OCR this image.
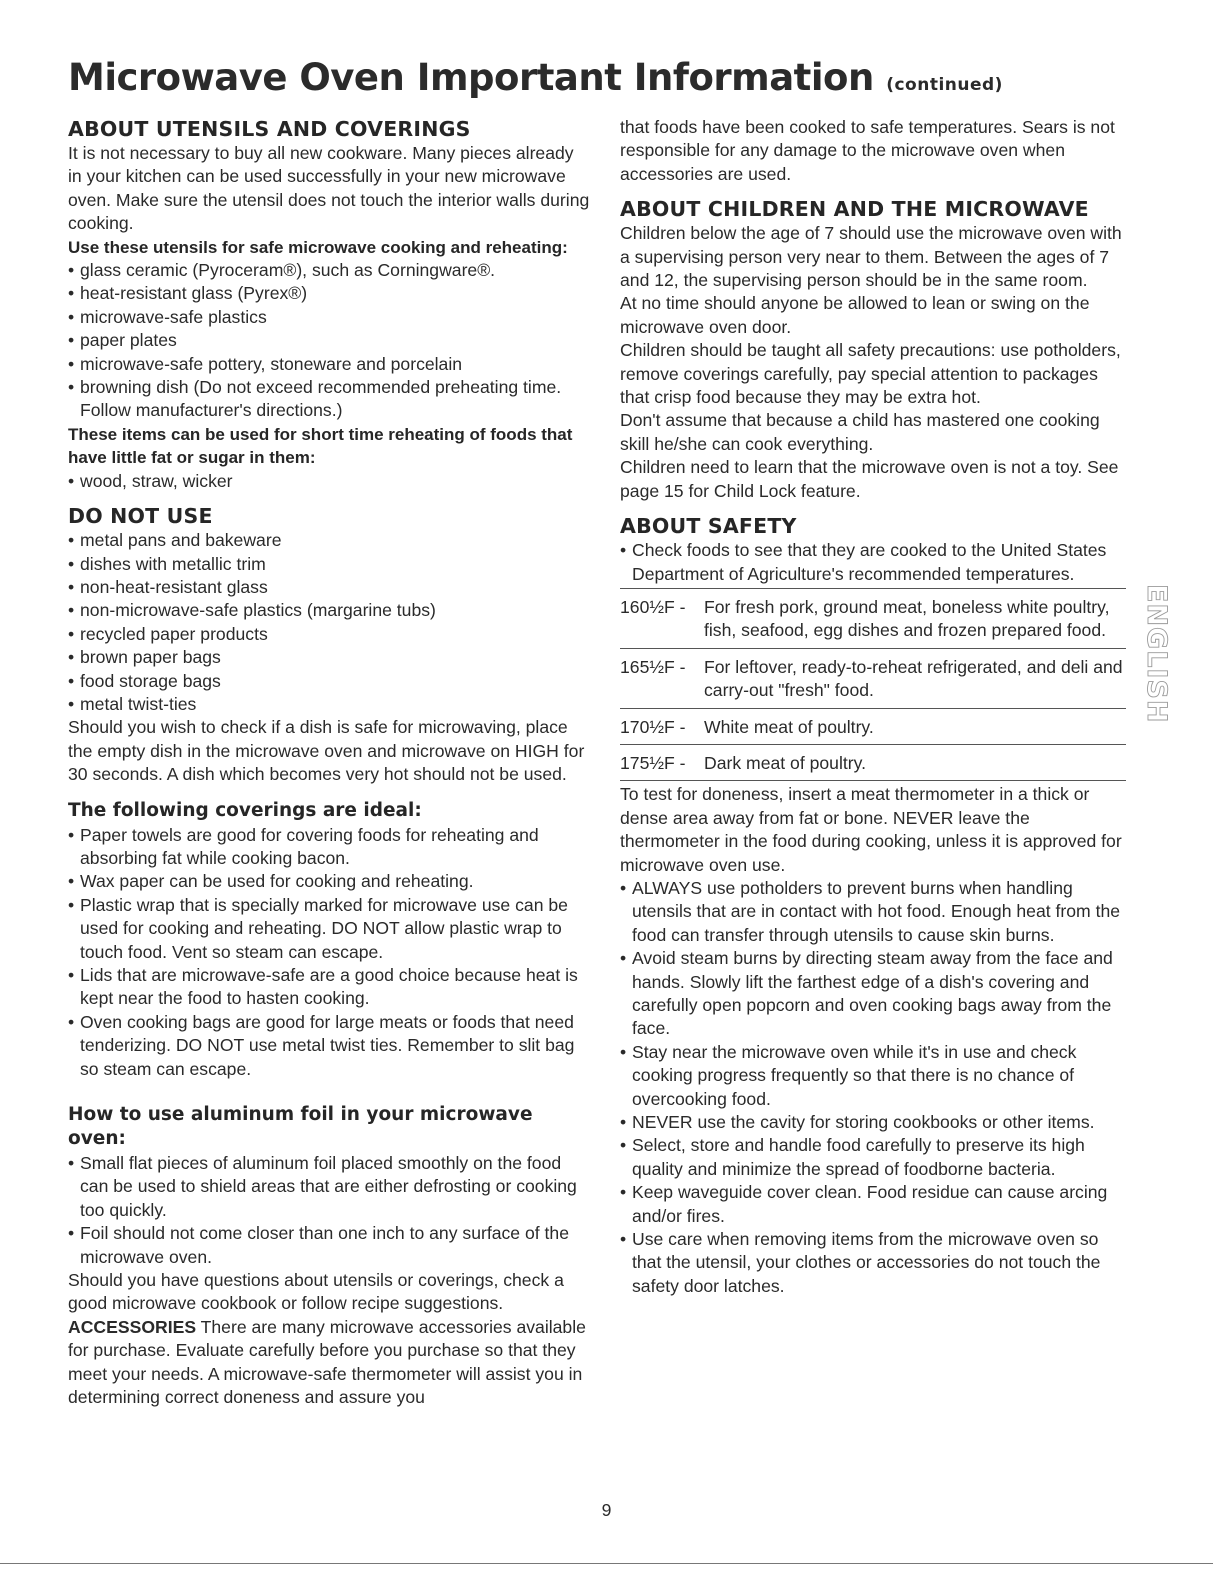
Microwave Oven Important Information (continued)
ABOUT UTENSILS AND COVERINGS

It is not necessary to buy all new cookware. Many pieces already in your kitchen can be used successfully in your new microwave oven. Make sure the utensil does not touch the interior walls during cooking.

Use these utensils for safe microwave cooking and reheating:

• glass ceramic (Pyroceram®), such as Corningware®.
• heat-resistant glass (Pyrex®)
• microwave-safe plastics
• paper plates
• microwave-safe pottery, stoneware and porcelain
• browning dish (Do not exceed recommended preheating time. Follow manufacturer's directions.)

These items can be used for short time reheating of foods that have little fat or sugar in them:

• wood, straw, wicker
DO NOT USE
• metal pans and bakeware
• dishes with metallic trim
• non-heat-resistant glass
• non-microwave-safe plastics (margarine tubs)
• recycled paper products
• brown paper bags
• food storage bags
• metal twist-ties

Should you wish to check if a dish is safe for microwaving, place the empty dish in the microwave oven and microwave on HIGH for 30 seconds. A dish which becomes very hot should not be used.

The following coverings are ideal:
• Paper towels are good for covering foods for reheating and absorbing fat while cooking bacon.
• Wax paper can be used for cooking and reheating.
• Plastic wrap that is specially marked for microwave use can be used for cooking and reheating. DO NOT allow plastic wrap to touch food. Vent so steam can escape.
• Lids that are microwave-safe are a good choice because heat is kept near the food to hasten cooking.
• Oven cooking bags are good for large meats or foods that need tenderizing. DO NOT use metal twist ties. Remember to slit bag so steam can escape.
How to use aluminum foil in your microwave oven:
• Small flat pieces of aluminum foil placed smoothly on the food can be used to shield areas that are either defrosting or cooking too quickly.
• Foil should not come closer than one inch to any surface of the microwave oven.

Should you have questions about utensils or coverings, check a good microwave cookbook or follow recipe suggestions.

ACCESSORIES There are many microwave accessories available for purchase. Evaluate carefully before you purchase so that they meet your needs. A microwave-safe thermometer will assist you in determining correct doneness and assure you

that foods have been cooked to safe temperatures. Sears is not responsible for any damage to the microwave oven when accessories are used.

ABOUT CHILDREN AND THE MICROWAVE

Children below the age of 7 should use the microwave oven with a supervising person very near to them. Between the ages of 7 and 12, the supervising person should be in the same room.

At no time should anyone be allowed to lean or swing on the microwave oven door.

Children should be taught all safety precautions: use potholders, remove coverings carefully, pay special attention to packages that crisp food because they may be extra hot.

Don't assume that because a child has mastered one cooking skill he/she can cook everything.

Children need to learn that the microwave oven is not a toy. See page 15 for Child Lock feature.

ABOUT SAFETY
• Check foods to see that they are cooked to the United States Department of Agriculture's recommended temperatures.
160½F -	For fresh pork, ground meat, boneless white poultry, fish, seafood, egg dishes and frozen prepared food.
165½F -	For leftover, ready-to-reheat refrigerated, and deli and carry-out "fresh" food.
170½F -	White meat of poultry.
175½F -	Dark meat of poultry.

To test for doneness, insert a meat thermometer in a thick or dense area away from fat or bone. NEVER leave the thermometer in the food during cooking, unless it is approved for microwave oven use.

• ALWAYS use potholders to prevent burns when handling utensils that are in contact with hot food. Enough heat from the food can transfer through utensils to cause skin burns.
• Avoid steam burns by directing steam away from the face and hands. Slowly lift the farthest edge of a dish's covering and carefully open popcorn and oven cooking bags away from the face.
• Stay near the microwave oven while it's in use and check cooking progress frequently so that there is no chance of overcooking food.
• NEVER use the cavity for storing cookbooks or other items.
• Select, store and handle food carefully to preserve its high quality and minimize the spread of foodborne bacteria.
• Keep waveguide cover clean. Food residue can cause arcing and/or fires.
• Use care when removing items from the microwave oven so that the utensil, your clothes or accessories do not touch the safety door latches.
ENGLISH
9
